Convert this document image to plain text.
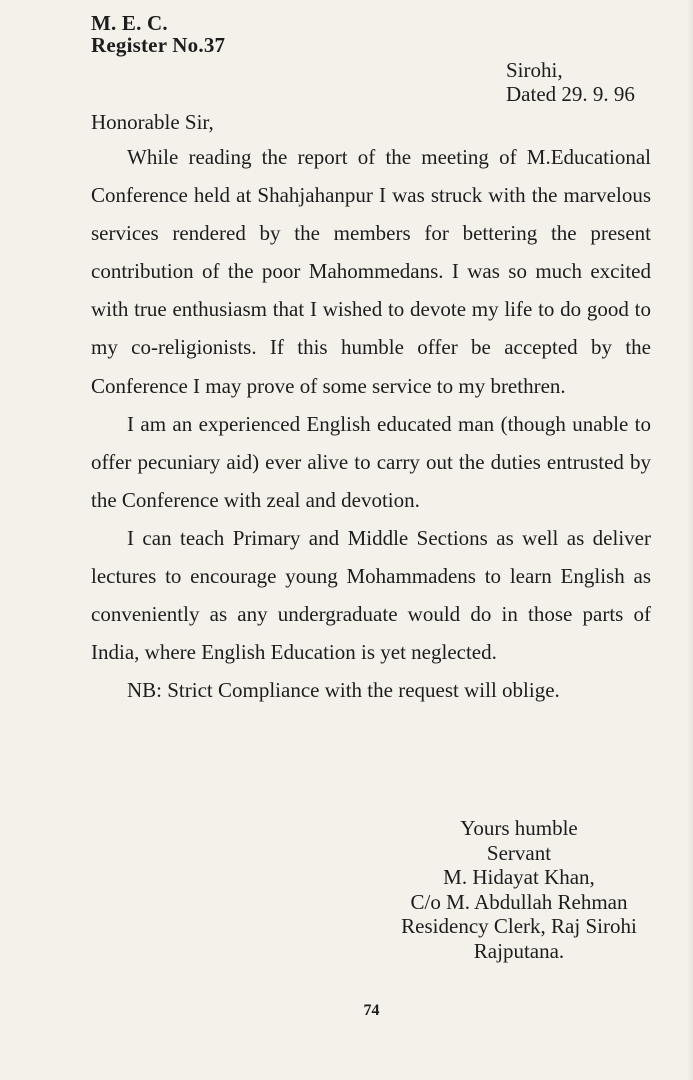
M. E. C.
Register No.37
Sirohi,
Dated 29. 9. 96
Honorable Sir,

While reading the report of the meeting of M.Educational Conference held at Shahjahanpur I was struck with the marvelous services rendered by the members for bettering the present contribution of the poor Mahommedans. I was so much excited with true enthusiasm that I wished to devote my life to do good to my co-religionists. If this humble offer be accepted by the Conference I may prove of some service to my brethren.

I am an experienced English educated man (though unable to offer pecuniary aid) ever alive to carry out the duties entrusted by the Conference with zeal and devotion.

I can teach Primary and Middle Sections as well as deliver lectures to encourage young Mohammadens to learn English as conveniently as any undergraduate would do in those parts of India, where English Education is yet neglected.

NB: Strict Compliance with the request will oblige.

Yours humble
Servant
M. Hidayat Khan,
C/o M. Abdullah Rehman
Residency Clerk, Raj Sirohi
Rajputana.
74
